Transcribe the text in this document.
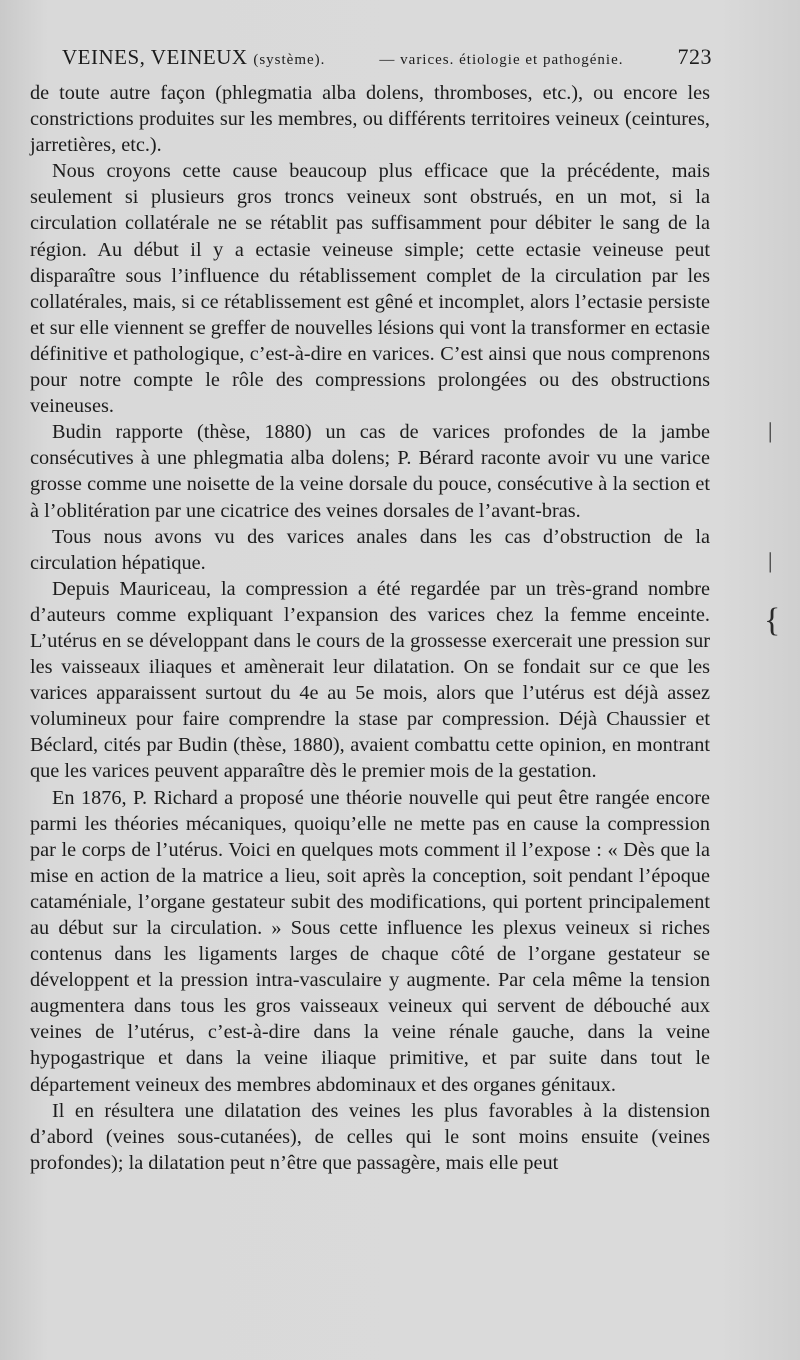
VEINES, VEINEUX (système).	— varices. étiologie et pathogénie. 723

de toute autre façon (phlegmatia alba dolens, thromboses, etc.), ou encore les constrictions produites sur les membres, ou différents territoires veineux (ceintures, jarretières, etc.).

Nous croyons cette cause beaucoup plus efficace que la précédente, mais seulement si plusieurs gros troncs veineux sont obstrués, en un mot, si la circulation collatérale ne se rétablit pas suffisamment pour débiter le sang de la région. Au début il y a ectasie veineuse simple; cette ectasie veineuse peut disparaître sous l’influence du rétablissement complet de la circulation par les collatérales, mais, si ce rétablissement est gêné et incomplet, alors l’ectasie persiste et sur elle viennent se greffer de nouvelles lésions qui vont la transformer en ectasie définitive et pathologique, c’est-à-dire en varices. C’est ainsi que nous comprenons pour notre compte le rôle des compressions prolongées ou des obstructions veineuses.

Budin rapporte (thèse, 1880) un cas de varices profondes de la jambe consécutives à une phlegmatia alba dolens; P. Bérard raconte avoir vu une varice grosse comme une noisette de la veine dorsale du pouce, consécutive à la section et à l’oblitération par une cicatrice des veines dorsales de l’avant-bras.

Tous nous avons vu des varices anales dans les cas d’obstruction de la circulation hépatique.

Depuis Mauriceau, la compression a été regardée par un très-grand nombre d’auteurs comme expliquant l’expansion des varices chez la femme enceinte. L’utérus en se développant dans le cours de la grossesse exercerait une pression sur les vaisseaux iliaques et amènerait leur dilatation. On se fondait sur ce que les varices apparaissent surtout du 4e au 5e mois, alors que l’utérus est déjà assez volumineux pour faire comprendre la stase par compression. Déjà Chaussier et Béclard, cités par Budin (thèse, 1880), avaient combattu cette opinion, en montrant que les varices peuvent apparaître dès le premier mois de la gestation.

En 1876, P. Richard a proposé une théorie nouvelle qui peut être rangée encore parmi les théories mécaniques, quoiqu’elle ne mette pas en cause la compression par le corps de l’utérus. Voici en quelques mots comment il l’expose : « Dès que la mise en action de la matrice a lieu, soit après la conception, soit pendant l’époque cataméniale, l’organe gestateur subit des modifications, qui portent principalement au début sur la circulation. » Sous cette influence les plexus veineux si riches contenus dans les ligaments larges de chaque côté de l’organe gestateur se développent et la pression intra-vasculaire y augmente. Par cela même la tension augmentera dans tous les gros vaisseaux veineux qui servent de débouché aux veines de l’utérus, c’est-à-dire dans la veine rénale gauche, dans la veine hypogastrique et dans la veine iliaque primitive, et par suite dans tout le département veineux des membres abdominaux et des organes génitaux.

Il en résultera une dilatation des veines les plus favorables à la distension d’abord (veines sous-cutanées), de celles qui le sont moins ensuite (veines profondes); la dilatation peut n’être que passagère, mais elle peut

|
|
{
